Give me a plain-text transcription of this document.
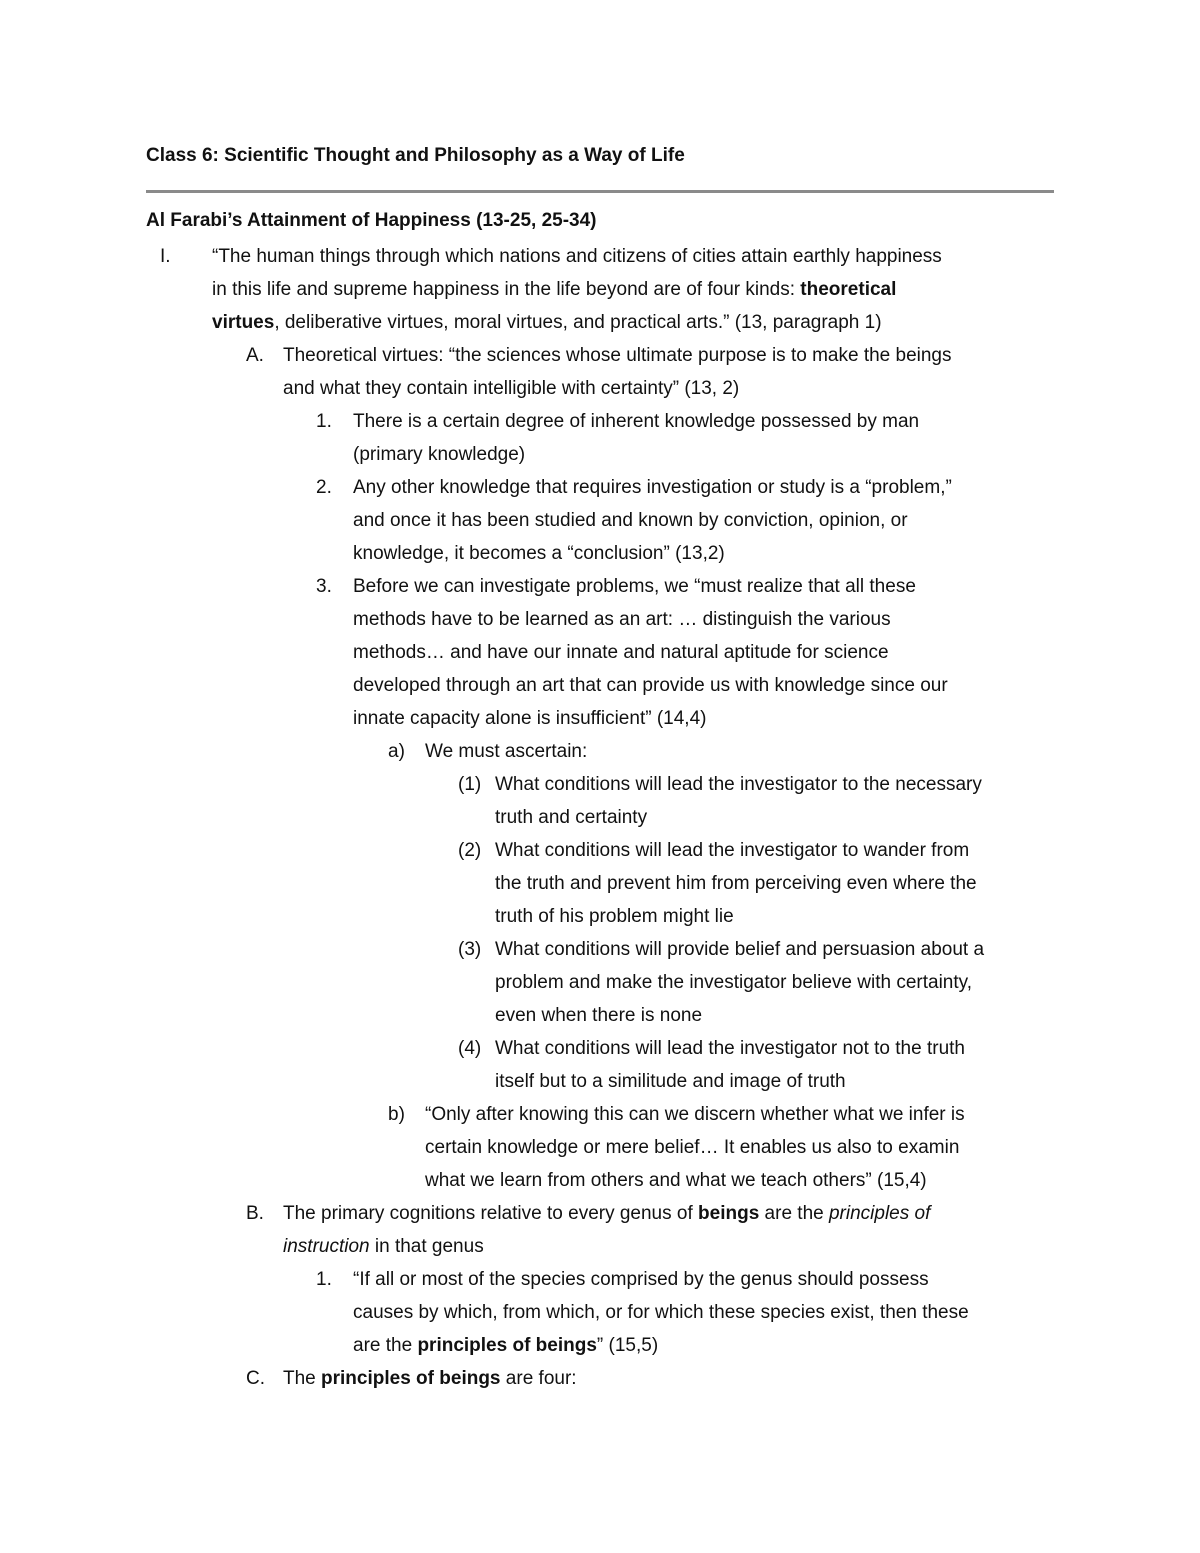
Class 6: Scientific Thought and Philosophy as a Way of Life
Al Farabi’s Attainment of Happiness (13-25, 25-34)
I. “The human things through which nations and citizens of cities attain earthly happiness
in this life and supreme happiness in the life beyond are of four kinds: theoretical
virtues, deliberative virtues, moral virtues, and practical arts.” (13, paragraph 1)
A. Theoretical virtues: “the sciences whose ultimate purpose is to make the beings
and what they contain intelligible with certainty” (13, 2)
1. There is a certain degree of inherent knowledge possessed by man
(primary knowledge)
2. Any other knowledge that requires investigation or study is a “problem,”
and once it has been studied and known by conviction, opinion, or
knowledge, it becomes a “conclusion” (13,2)
3. Before we can investigate problems, we “must realize that all these
methods have to be learned as an art: … distinguish the various
methods… and have our innate and natural aptitude for science
developed through an art that can provide us with knowledge since our
innate capacity alone is insufficient” (14,4)
a) We must ascertain:
(1) What conditions will lead the investigator to the necessary
truth and certainty
(2) What conditions will lead the investigator to wander from
the truth and prevent him from perceiving even where the
truth of his problem might lie
(3) What conditions will provide belief and persuasion about a
problem and make the investigator believe with certainty,
even when there is none
(4) What conditions will lead the investigator not to the truth
itself but to a similitude and image of truth
b) “Only after knowing this can we discern whether what we infer is
certain knowledge or mere belief… It enables us also to examin
what we learn from others and what we teach others” (15,4)
B. The primary cognitions relative to every genus of beings are the principles of
instruction in that genus
1. “If all or most of the species comprised by the genus should possess
causes by which, from which, or for which these species exist, then these
are the principles of beings” (15,5)
C. The principles of beings are four:
